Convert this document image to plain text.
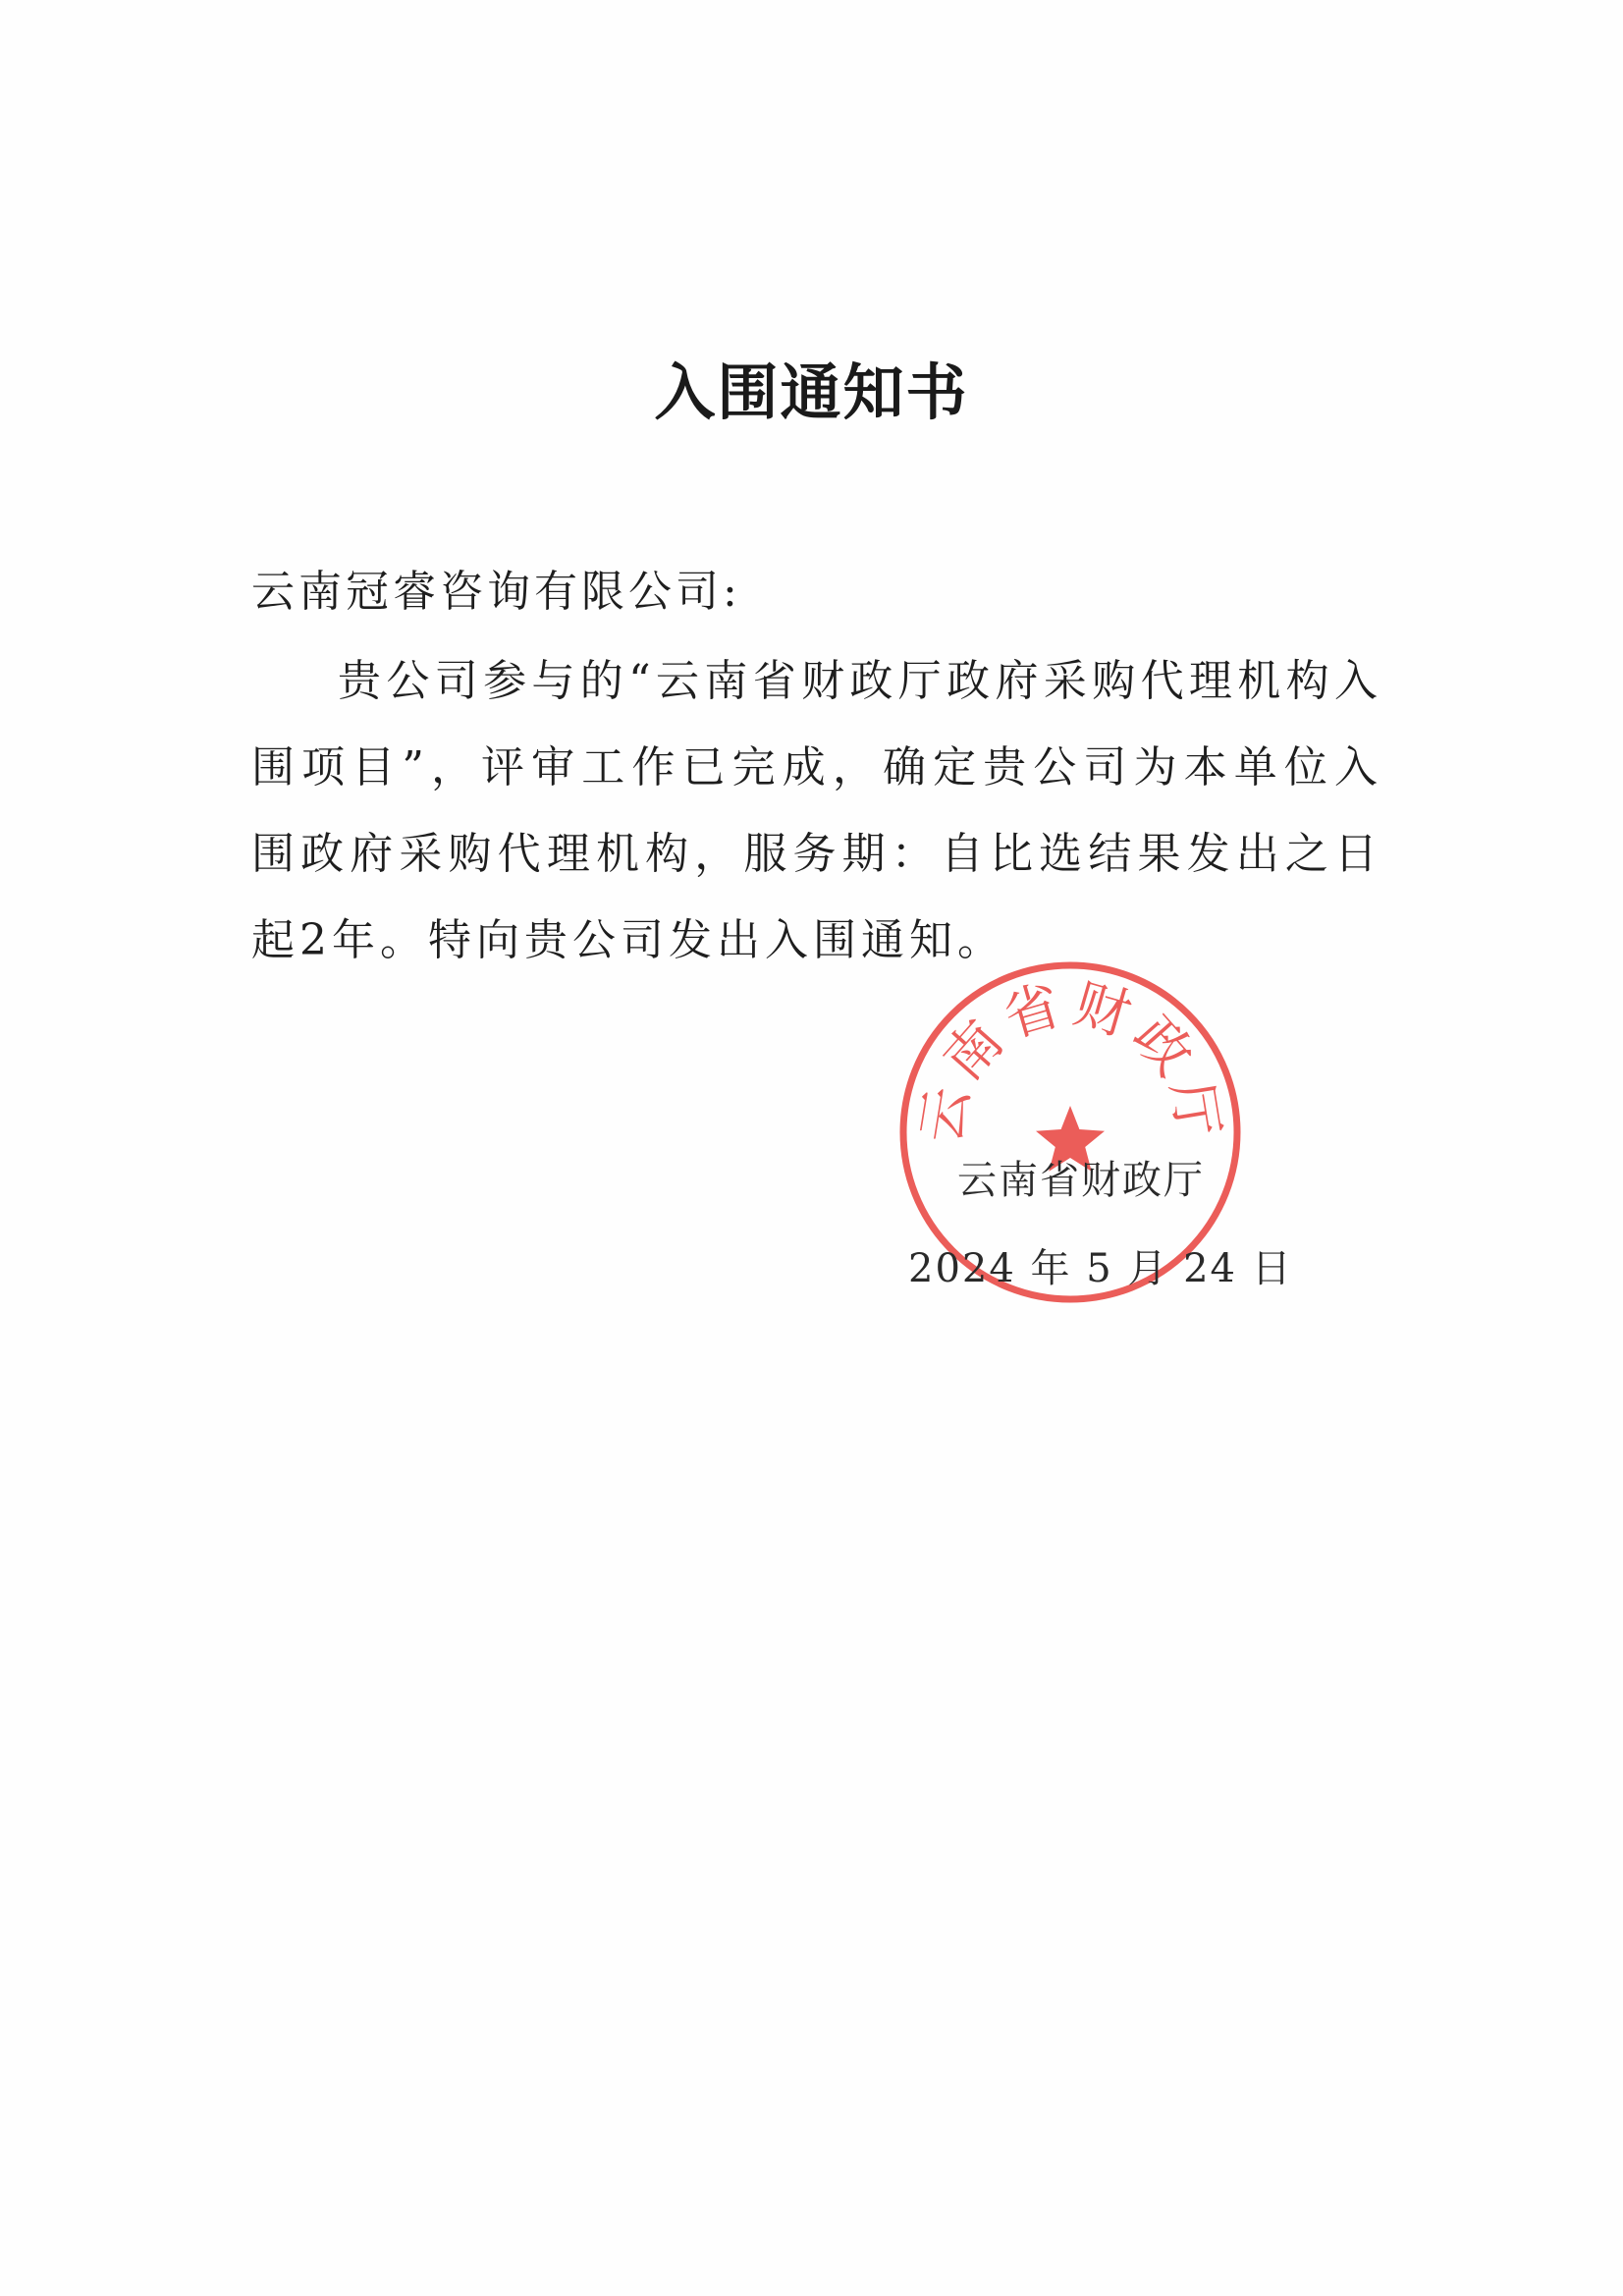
入围通知书
云南冠睿咨询有限公司:
贵公司参与的“云南省财政厅政府采购代理机构入围项目”，评审工作已完成，确定贵公司为本单位入围政府采购代理机构，服务期：自比选结果发出之日起2年。特向贵公司发出入围通知。
云南省财政厅
云南省财政厅
2024 年 5 月 24 日
